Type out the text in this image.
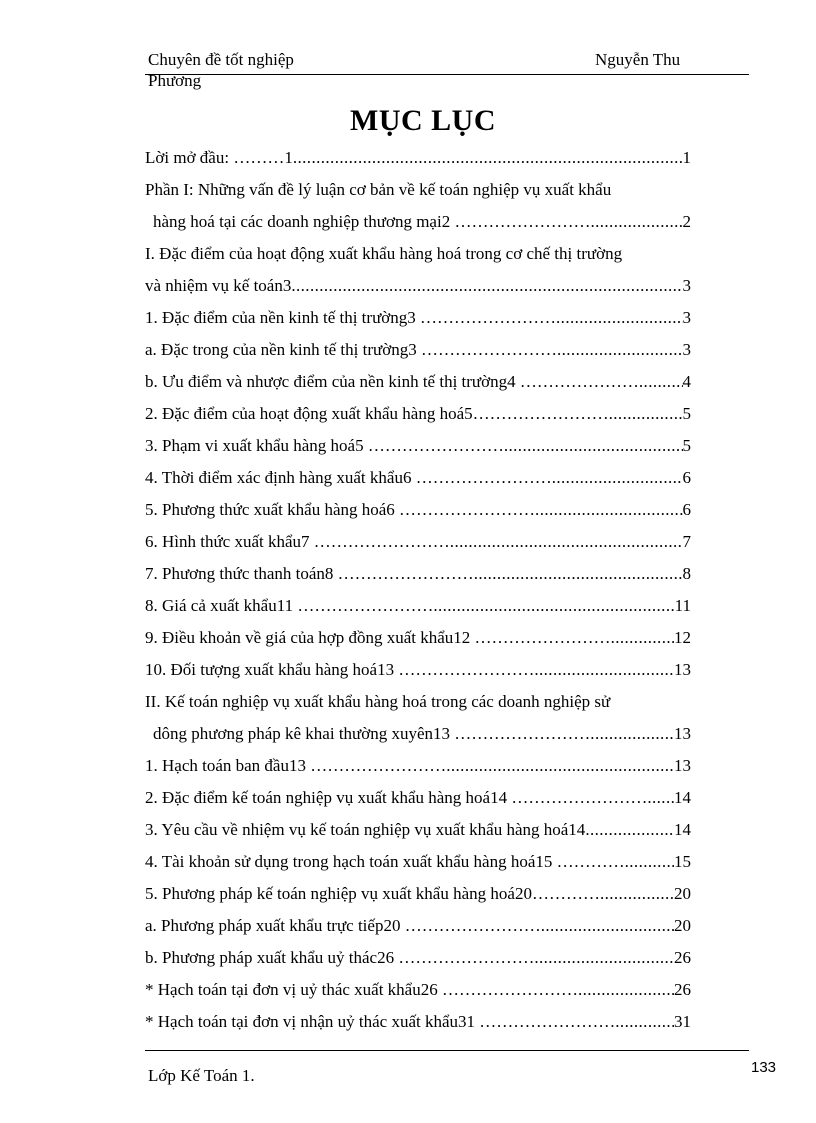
Chuyên đề tốt nghiệp	Nguyễn Thu
Phương
MỤC LỤC
Lời mở đầu: ………1 .....	1
Phần I: Những vấn đề lý luận cơ bản về kế toán nghiệp vụ xuất khẩu
hàng hoá tại các doanh nghiệp thương mại2 …………………… .....	2
I. Đặc điểm của hoạt động xuất khẩu hàng hoá trong cơ chế thị trường
và nhiệm vụ kế toán3 .....	3
1. Đặc điểm của nền kinh tế thị trường3 …………………… .....	3
a. Đặc trong của nền kinh tế thị trường3 …………………… .....	3
b. Ưu điểm và nhược điểm của nền kinh tế thị trường4 ………………… .....	4
2. Đặc điểm của hoạt động xuất khẩu hàng hoá5…………………… .....	5
3. Phạm vi xuất khẩu hàng hoá5 …………………… .....	5
4. Thời điểm xác định hàng xuất khẩu6 …………………… .....	6
5. Phương thức xuất khẩu hàng hoá6 …………………… .....	6
6. Hình thức xuất khẩu7 …………………… .....	7
7. Phương thức thanh toán8 …………………… .....	8
8. Giá cả xuất khẩu11 …………………… .....	11
9. Điều khoản về giá của hợp đồng xuất khẩu12 …………………… .....	12
10. Đối tượng xuất khẩu hàng hoá13 …………………… .....	13
II. Kế toán nghiệp vụ xuất khẩu hàng hoá trong các doanh nghiệp sử
dông phương pháp kê khai thường xuyên13 …………………… .....	13
1. Hạch toán ban đầu13 …………………… .....	13
2. Đặc điểm kế toán nghiệp vụ xuất khẩu hàng hoá14 …………………… ..... 14
3. Yêu cầu về nhiệm vụ kế toán nghiệp vụ xuất khẩu hàng hoá14 .....	14
4. Tài khoản sử dụng trong hạch toán xuất khẩu hàng hoá15 ………… .....	15
5. Phương pháp kế toán nghiệp vụ xuất khẩu hàng hoá20………… .....	20
a. Phương pháp xuất khẩu trực tiếp20 …………………… .....	20
b. Phương pháp xuất khẩu uỷ thác26 …………………… .....	26
* Hạch toán tại đơn vị uỷ thác xuất khẩu26 …………………… .....	26
* Hạch toán tại đơn vị nhận uỷ thác xuất khẩu31 …………………… .....	31
Lớp Kế Toán 1.	133
